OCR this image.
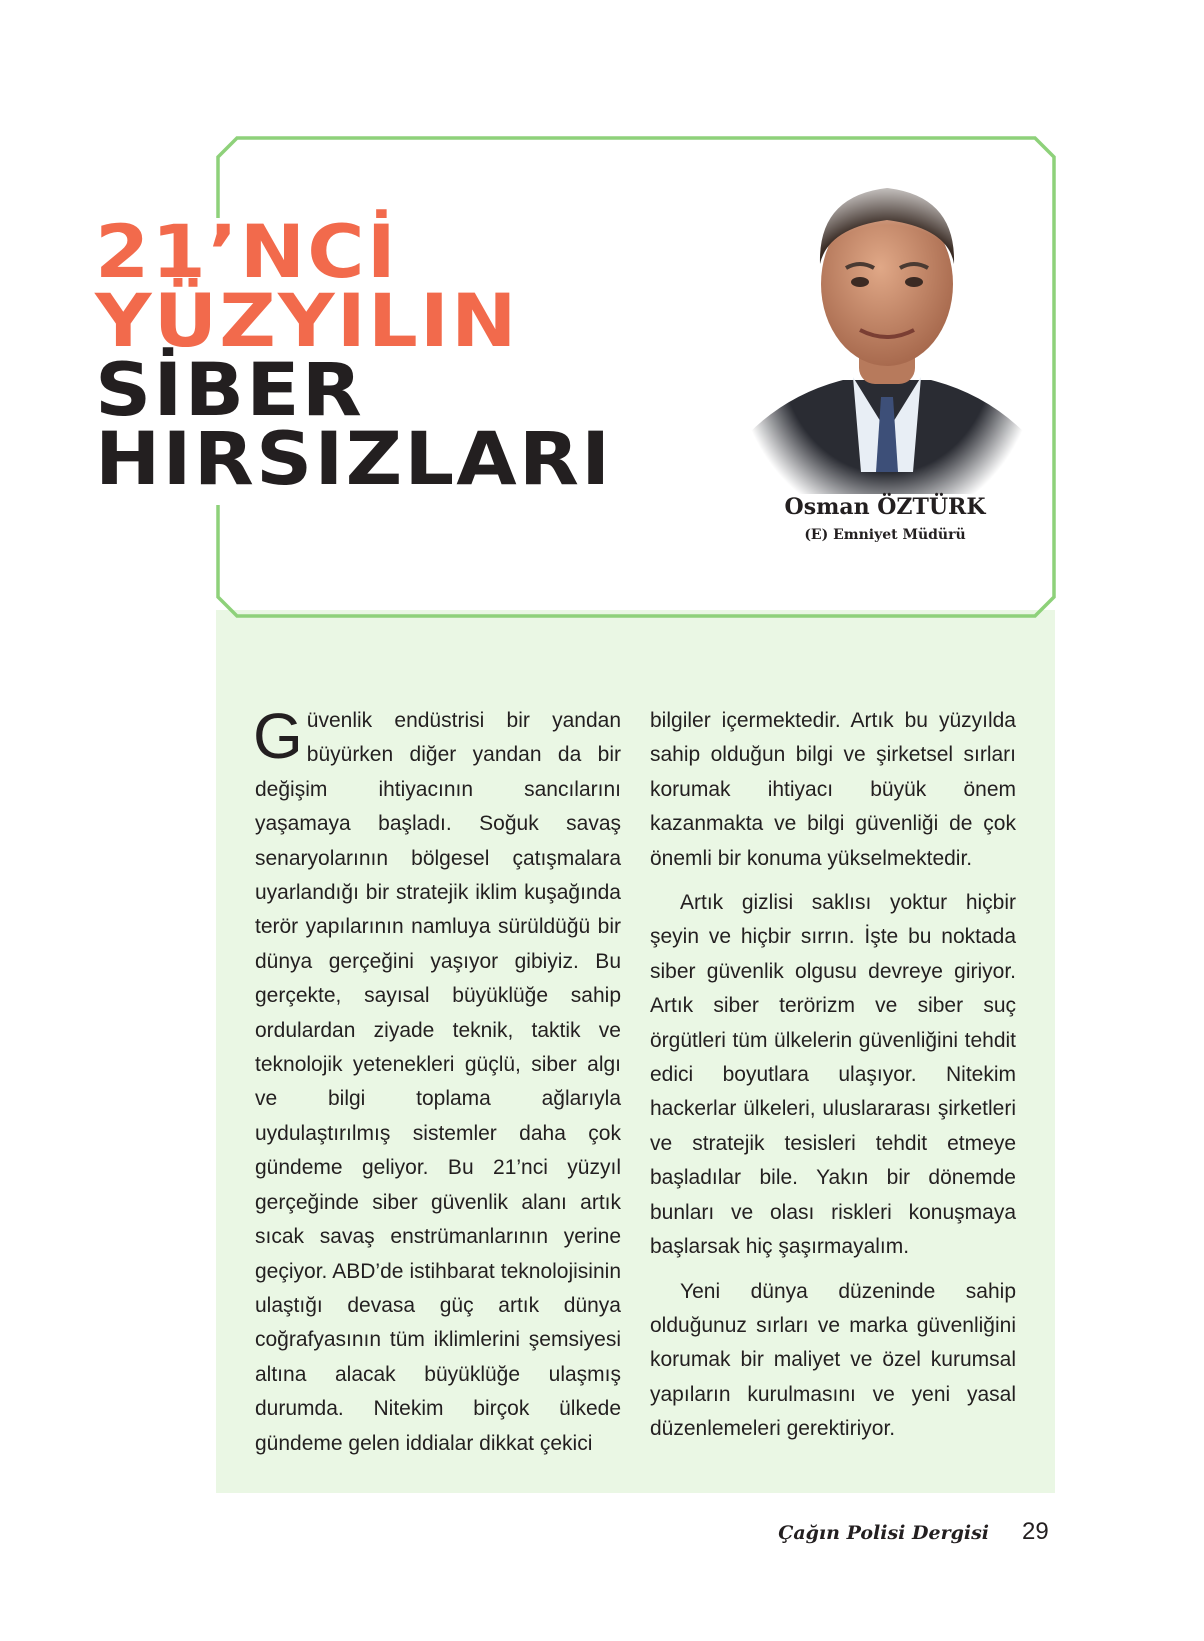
21’NCİ
YÜZYILIN
SİBER
HIRSIZLARI
Osman ÖZTÜRK
(E) Emniyet Müdürü

Güvenlik endüstrisi bir yandan büyürken diğer yandan da bir değişim ihtiyacının sancılarını yaşamaya başladı. Soğuk savaş senaryolarının bölgesel çatışmalara uyarlandığı bir stratejik iklim kuşağında terör yapılarının namluya sürüldüğü bir dünya gerçeğini yaşıyor gibiyiz. Bu gerçekte, sayısal büyüklüğe sahip ordulardan ziyade teknik, taktik ve teknolojik yetenekleri güçlü, siber algı ve bilgi toplama ağlarıyla uydulaştırılmış sistemler daha çok gündeme geliyor. Bu 21’nci yüzyıl gerçeğinde siber güvenlik alanı artık sıcak savaş enstrümanlarının yerine geçiyor. ABD’de istihbarat teknolojisinin ulaştığı devasa güç artık dünya coğrafyasının tüm iklimlerini şemsiyesi altına alacak büyüklüğe ulaşmış durumda. Nitekim birçok ülkede gündeme gelen iddialar dikkat çekici

bilgiler içermektedir. Artık bu yüzyılda sahip olduğun bilgi ve şirketsel sırları korumak ihtiyacı büyük önem kazanmakta ve bilgi güvenliği de çok önemli bir konuma yükselmektedir.

Artık gizlisi saklısı yoktur hiçbir şeyin ve hiçbir sırrın. İşte bu noktada siber güvenlik olgusu devreye giriyor. Artık siber terörizm ve siber suç örgütleri tüm ülkelerin güvenliğini tehdit edici boyutlara ulaşıyor. Nitekim hackerlar ülkeleri, uluslararası şirketleri ve stratejik tesisleri tehdit etmeye başladılar bile. Yakın bir dönemde bunları ve olası riskleri konuşmaya başlarsak hiç şaşırmayalım.

Yeni dünya düzeninde sahip olduğunuz sırları ve marka güvenliğini korumak bir maliyet ve özel kurumsal yapıların kurulmasını ve yeni yasal düzenlemeleri gerektiriyor.

Çağın Polisi Dergisi 29
